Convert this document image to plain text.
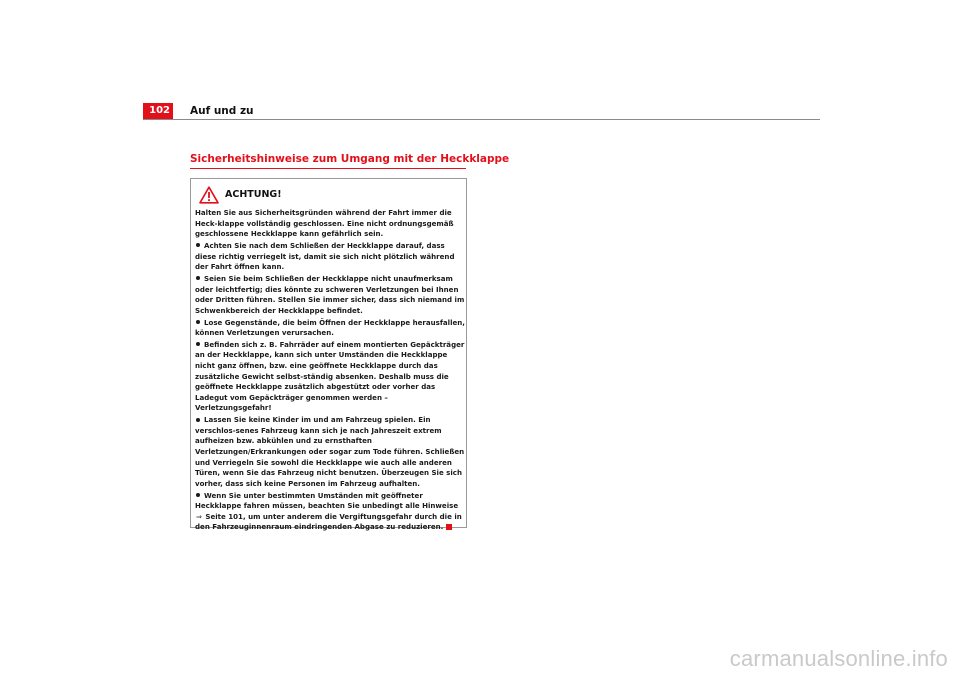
102 Auf und zu
Sicherheitshinweise zum Umgang mit der Heckklappe
ACHTUNG!

Halten Sie aus Sicherheitsgründen während der Fahrt immer die Heck-klappe vollständig geschlossen. Eine nicht ordnungsgemäß geschlossene Heckklappe kann gefährlich sein.

Achten Sie nach dem Schließen der Heckklappe darauf, dass diese richtig verriegelt ist, damit sie sich nicht plötzlich während der Fahrt öffnen kann.

Seien Sie beim Schließen der Heckklappe nicht unaufmerksam oder leichtfertig; dies könnte zu schweren Verletzungen bei Ihnen oder Dritten führen. Stellen Sie immer sicher, dass sich niemand im Schwenkbereich der Heckklappe befindet.

Lose Gegenstände, die beim Öffnen der Heckklappe herausfallen, können Verletzungen verursachen.

Befinden sich z. B. Fahrräder auf einem montierten Gepäckträger an der Heckklappe, kann sich unter Umständen die Heckklappe nicht ganz öffnen, bzw. eine geöffnete Heckklappe durch das zusätzliche Gewicht selbst-ständig absenken. Deshalb muss die geöffnete Heckklappe zusätzlich abgestützt oder vorher das Ladegut vom Gepäckträger genommen werden – Verletzungsgefahr!

Lassen Sie keine Kinder im und am Fahrzeug spielen. Ein verschlos-senes Fahrzeug kann sich je nach Jahreszeit extrem aufheizen bzw. abkühlen und zu ernsthaften Verletzungen/Erkrankungen oder sogar zum Tode führen. Schließen und Verriegeln Sie sowohl die Heckklappe wie auch alle anderen Türen, wenn Sie das Fahrzeug nicht benutzen. Überzeugen Sie sich vorher, dass sich keine Personen im Fahrzeug aufhalten.

Wenn Sie unter bestimmten Umständen mit geöffneter Heckklappe fahren müssen, beachten Sie unbedingt alle Hinweise ⇒ Seite 101, um unter anderem die Vergiftungsgefahr durch die in den Fahrzeuginnenraum eindringenden Abgase zu reduzieren.

carmanualsonline.info
